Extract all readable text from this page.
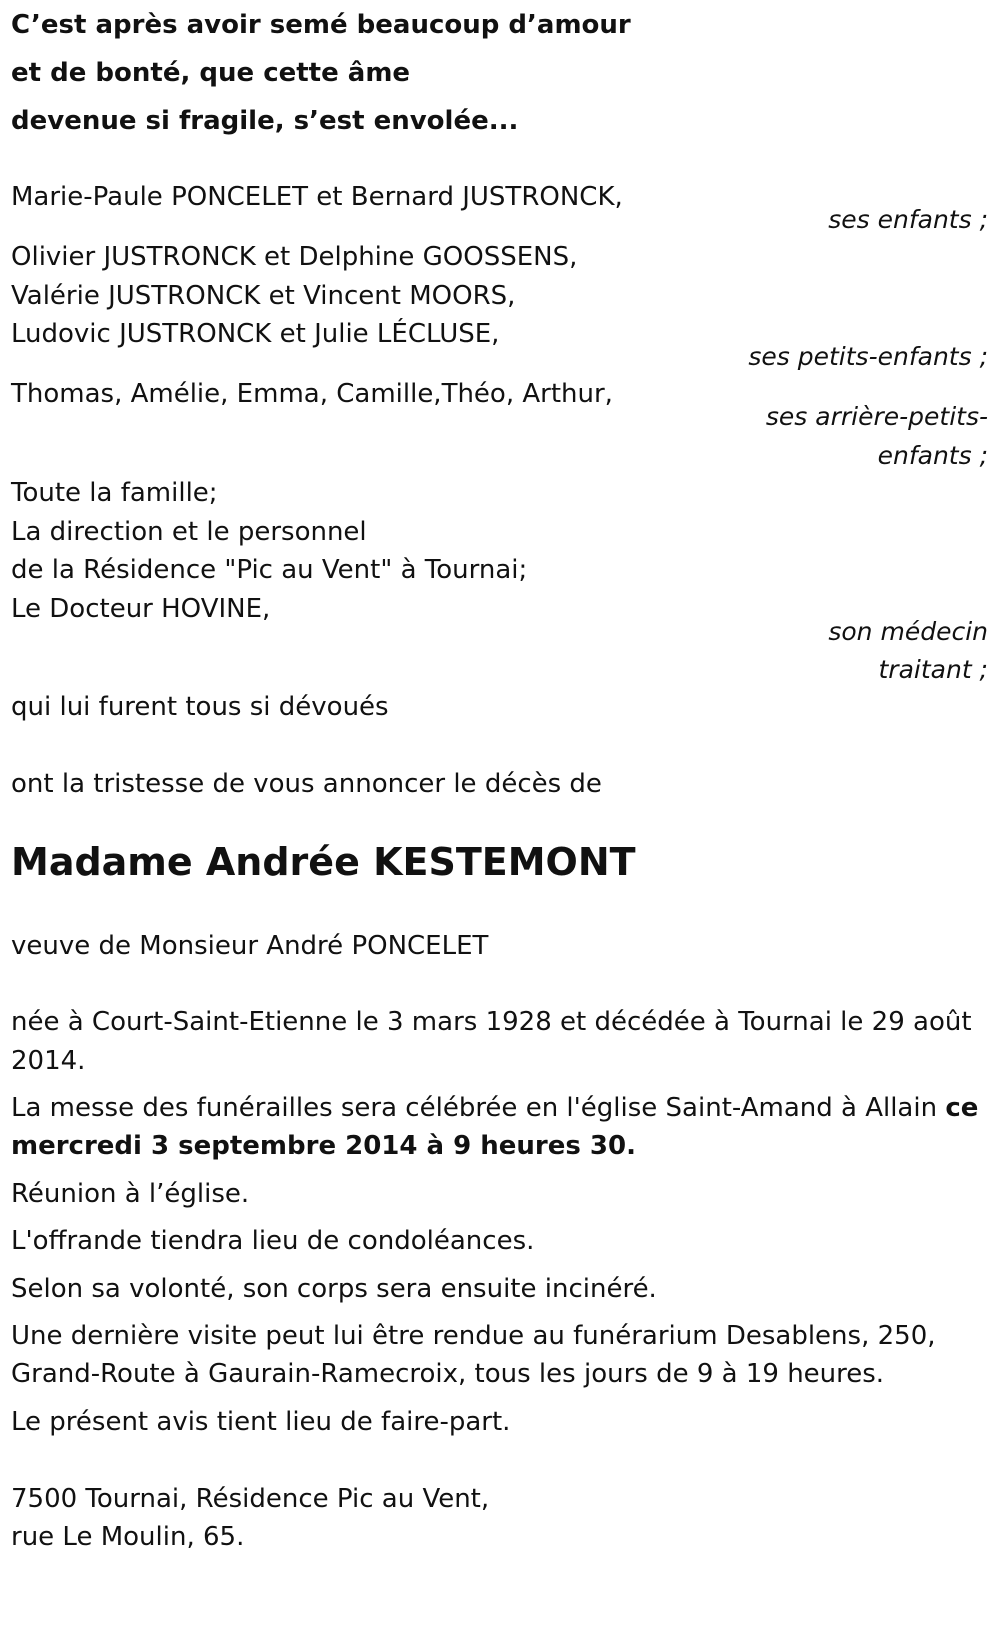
C’est après avoir semé beaucoup d’amour
et de bonté, que cette âme
devenue si fragile, s’est envolée...
Marie-Paule PONCELET et Bernard JUSTRONCK,
ses enfants ;
Olivier JUSTRONCK et Delphine GOOSSENS,
Valérie JUSTRONCK et Vincent MOORS,
Ludovic JUSTRONCK et Julie LÉCLUSE,
ses petits-enfants ;
Thomas, Amélie, Emma, Camille,Théo, Arthur,
ses arrière-petits-
enfants ;
Toute la famille;
La direction et le personnel
de la Résidence "Pic au Vent" à Tournai;
Le Docteur HOVINE,
son médecin
traitant ;
qui lui furent tous si dévoués
ont la tristesse de vous annoncer le décès de
Madame Andrée KESTEMONT
veuve de Monsieur André PONCELET
née à Court-Saint-Etienne le 3 mars 1928 et décédée à Tournai le 29 août
2014.
La messe des funérailles sera célébrée en l'église Saint-Amand à Allain ce
mercredi 3 septembre 2014 à 9 heures 30.
Réunion à l’église.
L'offrande tiendra lieu de condoléances.
Selon sa volonté, son corps sera ensuite incinéré.
Une dernière visite peut lui être rendue au funérarium Desablens, 250,
Grand-Route à Gaurain-Ramecroix, tous les jours de 9 à 19 heures.
Le présent avis tient lieu de faire-part.
7500 Tournai, Résidence Pic au Vent,
rue Le Moulin, 65.
